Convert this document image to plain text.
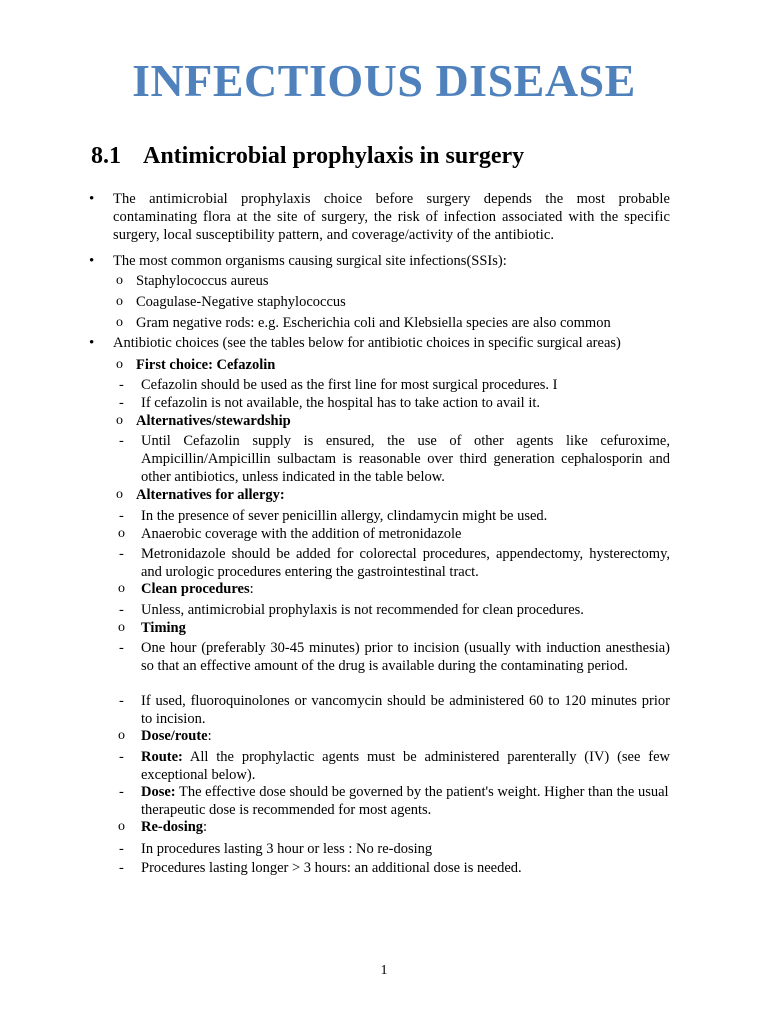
INFECTIOUS DISEASE
8.1 Antimicrobial prophylaxis in surgery
• The antimicrobial prophylaxis choice before surgery depends the most probable contaminating flora at the site of surgery, the risk of infection associated with the specific surgery, local susceptibility pattern, and coverage/activity of the antibiotic.
• The most common organisms causing surgical site infections(SSIs):
o Staphylococcus aureus
o Coagulase-Negative staphylococcus
o Gram negative rods: e.g. Escherichia coli and Klebsiella species are also common
• Antibiotic choices (see the tables below for antibiotic choices in specific surgical areas)
o First choice: Cefazolin
- Cefazolin should be used as the first line for most surgical procedures. I
- If cefazolin is not available, the hospital has to take action to avail it.
o Alternatives/stewardship
- Until Cefazolin supply is ensured, the use of other agents like cefuroxime, Ampicillin/Ampicillin sulbactam is reasonable over third generation cephalosporin and other antibiotics, unless indicated in the table below.
o Alternatives for allergy:
- In the presence of sever penicillin allergy, clindamycin might be used.
o Anaerobic coverage with the addition of metronidazole
- Metronidazole should be added for colorectal procedures, appendectomy, hysterectomy, and urologic procedures entering the gastrointestinal tract.
o Clean procedures:
- Unless, antimicrobial prophylaxis is not recommended for clean procedures.
o Timing
- One hour (preferably 30-45 minutes) prior to incision (usually with induction anesthesia) so that an effective amount of the drug is available during the contaminating period.
- If used, fluoroquinolones or vancomycin should be administered 60 to 120 minutes prior to incision.
o Dose/route:
- Route: All the prophylactic agents must be administered parenterally (IV) (see few exceptional below).
- Dose: The effective dose should be governed by the patient's weight. Higher than the usual therapeutic dose is recommended for most agents.
o Re-dosing:
- In procedures lasting 3 hour or less : No re-dosing
- Procedures lasting longer > 3 hours: an additional dose is needed.
1
